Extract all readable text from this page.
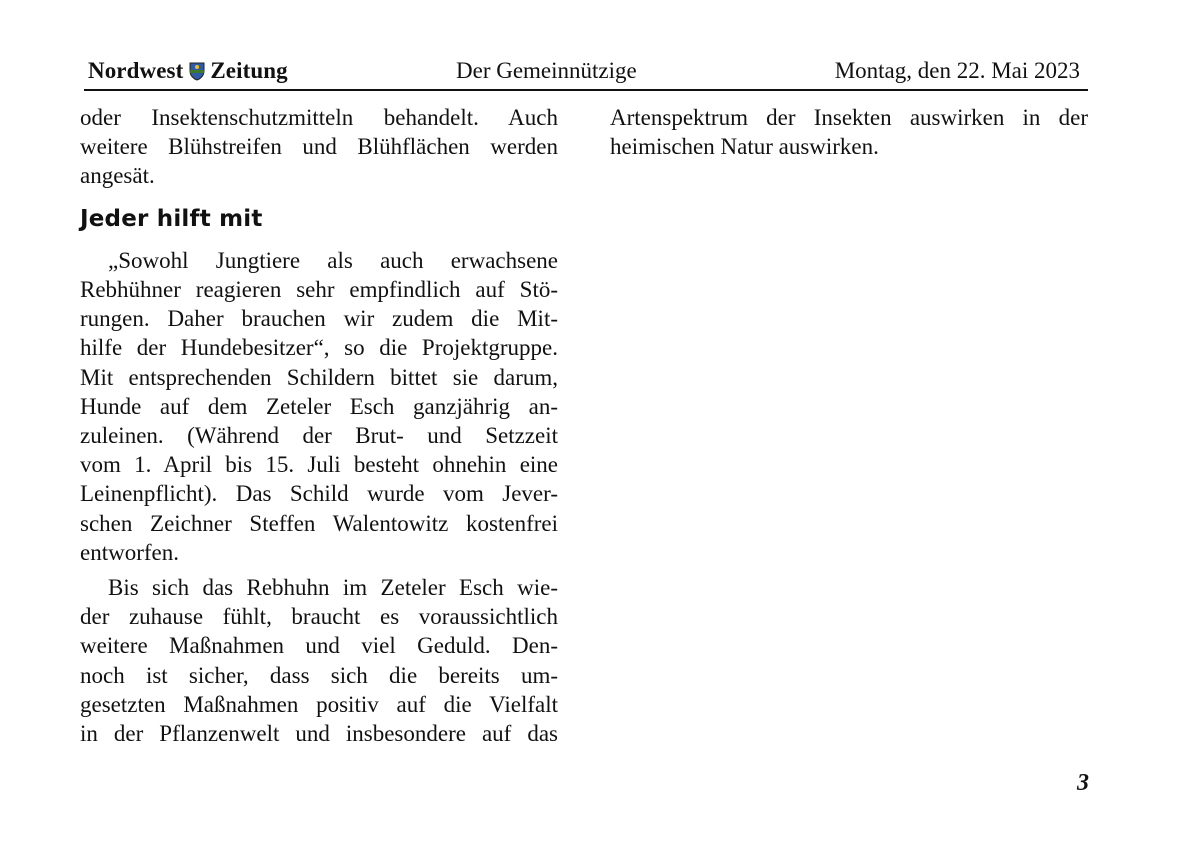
Nordwest Zeitung	Der Gemeinnützige	Montag, den 22. Mai 2023

oder Insektenschutzmitteln behandelt. Auch
weitere Blühstreifen und Blühflächen werden
angesät.

Jeder hilft mit

„Sowohl Jungtiere als auch erwachsene
Rebhühner reagieren sehr empfindlich auf Stö-
rungen. Daher brauchen wir zudem die Mit-
hilfe der Hundebesitzer“, so die Projektgruppe.
Mit entsprechenden Schildern bittet sie darum,
Hunde auf dem Zeteler Esch ganzjährig an-
zuleinen. (Während der Brut- und Setzzeit
vom 1. April bis 15. Juli besteht ohnehin eine
Leinenpflicht). Das Schild wurde vom Jever-
schen Zeichner Steffen Walentowitz kostenfrei
entworfen.

Bis sich das Rebhuhn im Zeteler Esch wie-
der zuhause fühlt, braucht es voraussichtlich
weitere Maßnahmen und viel Geduld. Den-
noch ist sicher, dass sich die bereits um-
gesetzten Maßnahmen positiv auf die Vielfalt
in der Pflanzenwelt und insbesondere auf das

Artenspektrum der Insekten auswirken in der
heimischen Natur auswirken.

3
